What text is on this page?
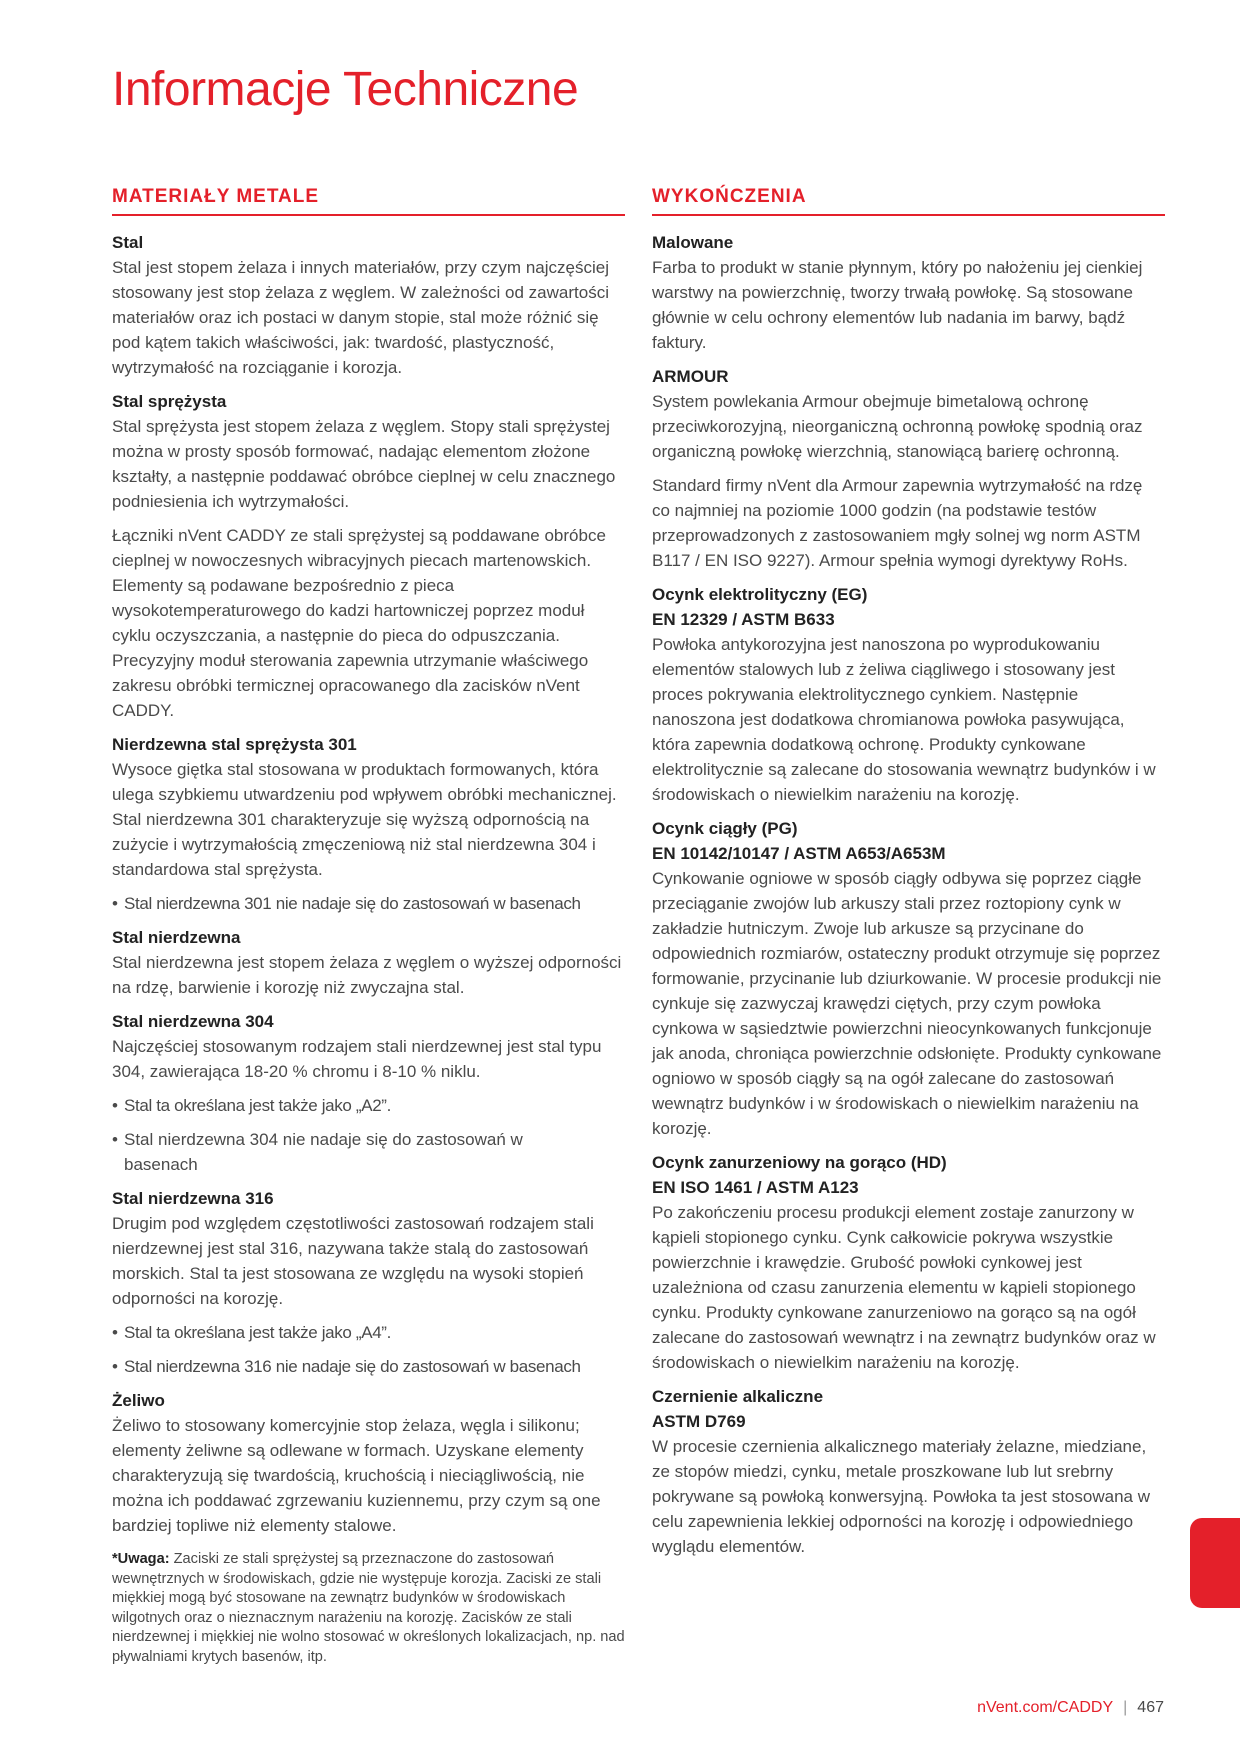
Informacje Techniczne
MATERIAŁY METALE
Stal
Stal jest stopem żelaza i innych materiałów, przy czym najczęściej stosowany jest stop żelaza z węglem. W zależności od zawartości materiałów oraz ich postaci w danym stopie, stal może różnić się pod kątem takich właściwości, jak: twardość, plastyczność, wytrzymałość na rozciąganie i korozja.
Stal sprężysta
Stal sprężysta jest stopem żelaza z węglem. Stopy stali sprężystej można w prosty sposób formować, nadając elementom złożone kształty, a następnie poddawać obróbce cieplnej w celu znacznego podniesienia ich wytrzymałości.
Łączniki nVent CADDY ze stali sprężystej są poddawane obróbce cieplnej w nowoczesnych wibracyjnych piecach martenowskich. Elementy są podawane bezpośrednio z pieca wysokotemperaturowego do kadzi hartowniczej poprzez moduł cyklu oczyszczania, a następnie do pieca do odpuszczania. Precyzyjny moduł sterowania zapewnia utrzymanie właściwego zakresu obróbki termicznej opracowanego dla zacisków nVent CADDY.
Nierdzewna stal sprężysta 301
Wysoce giętka stal stosowana w produktach formowanych, która ulega szybkiemu utwardzeniu pod wpływem obróbki mechanicznej. Stal nierdzewna 301 charakteryzuje się wyższą odpornością na zużycie i wytrzymałością zmęczeniową niż stal nierdzewna 304 i standardowa stal sprężysta.
• Stal nierdzewna 301 nie nadaje się do zastosowań w basenach
Stal nierdzewna
Stal nierdzewna jest stopem żelaza z węglem o wyższej odporności na rdzę, barwienie i korozję niż zwyczajna stal.
Stal nierdzewna 304
Najczęściej stosowanym rodzajem stali nierdzewnej jest stal typu 304, zawierająca 18-20 % chromu i 8-10 % niklu.
• Stal ta określana jest także jako „A2”.
• Stal nierdzewna 304 nie nadaje się do zastosowań w basenach
Stal nierdzewna 316
Drugim pod względem częstotliwości zastosowań rodzajem stali nierdzewnej jest stal 316, nazywana także stalą do zastosowań morskich. Stal ta jest stosowana ze względu na wysoki stopień odporności na korozję.
• Stal ta określana jest także jako „A4”.
• Stal nierdzewna 316 nie nadaje się do zastosowań w basenach
Żeliwo
Żeliwo to stosowany komercyjnie stop żelaza, węgla i silikonu; elementy żeliwne są odlewane w formach. Uzyskane elementy charakteryzują się twardością, kruchością i nieciągliwością, nie można ich poddawać zgrzewaniu kuziennemu, przy czym są one bardziej topliwe niż elementy stalowe.
*Uwaga: Zaciski ze stali sprężystej są przeznaczone do zastosowań wewnętrznych w środowiskach, gdzie nie występuje korozja. Zaciski ze stali miękkiej mogą być stosowane na zewnątrz budynków w środowiskach wilgotnych oraz o nieznacznym narażeniu na korozję. Zacisków ze stali nierdzewnej i miękkiej nie wolno stosować w określonych lokalizacjach, np. nad pływalniami krytych basenów, itp.
WYKOŃCZENIA
Malowane
Farba to produkt w stanie płynnym, który po nałożeniu jej cienkiej warstwy na powierzchnię, tworzy trwałą powłokę. Są stosowane głównie w celu ochrony elementów lub nadania im barwy, bądź faktury.
ARMOUR
System powlekania Armour obejmuje bimetalową ochronę przeciwkorozyjną, nieorganiczną ochronną powłokę spodnią oraz organiczną powłokę wierzchnią, stanowiącą barierę ochronną.
Standard firmy nVent dla Armour zapewnia wytrzymałość na rdzę co najmniej na poziomie 1000 godzin (na podstawie testów przeprowadzonych z zastosowaniem mgły solnej wg norm ASTM B117 / EN ISO 9227). Armour spełnia wymogi dyrektywy RoHs.
Ocynk elektrolityczny (EG)
EN 12329 / ASTM B633
Powłoka antykorozyjna jest nanoszona po wyprodukowaniu elementów stalowych lub z żeliwa ciągliwego i stosowany jest proces pokrywania elektrolitycznego cynkiem. Następnie nanoszona jest dodatkowa chromianowa powłoka pasywująca, która zapewnia dodatkową ochronę. Produkty cynkowane elektrolitycznie są zalecane do stosowania wewnątrz budynków i w środowiskach o niewielkim narażeniu na korozję.
Ocynk ciągły (PG)
EN 10142/10147 / ASTM A653/A653M
Cynkowanie ogniowe w sposób ciągły odbywa się poprzez ciągłe przeciąganie zwojów lub arkuszy stali przez roztopiony cynk w zakładzie hutniczym. Zwoje lub arkusze są przycinane do odpowiednich rozmiarów, ostateczny produkt otrzymuje się poprzez formowanie, przycinanie lub dziurkowanie. W procesie produkcji nie cynkuje się zazwyczaj krawędzi ciętych, przy czym powłoka cynkowa w sąsiedztwie powierzchni nieocynkowanych funkcjonuje jak anoda, chroniąca powierzchnie odsłonięte. Produkty cynkowane ogniowo w sposób ciągły są na ogół zalecane do zastosowań wewnątrz budynków i w środowiskach o niewielkim narażeniu na korozję.
Ocynk zanurzeniowy na gorąco (HD)
EN ISO 1461 / ASTM A123
Po zakończeniu procesu produkcji element zostaje zanurzony w kąpieli stopionego cynku. Cynk całkowicie pokrywa wszystkie powierzchnie i krawędzie. Grubość powłoki cynkowej jest uzależniona od czasu zanurzenia elementu w kąpieli stopionego cynku. Produkty cynkowane zanurzeniowo na gorąco są na ogół zalecane do zastosowań wewnątrz i na zewnątrz budynków oraz w środowiskach o niewielkim narażeniu na korozję.
Czernienie alkaliczne
ASTM D769
W procesie czernienia alkalicznego materiały żelazne, miedziane, ze stopów miedzi, cynku, metale proszkowane lub lut srebrny pokrywane są powłoką konwersyjną. Powłoka ta jest stosowana w celu zapewnienia lekkiej odporności na korozję i odpowiedniego wyglądu elementów.
nVent.com/CADDY | 467
